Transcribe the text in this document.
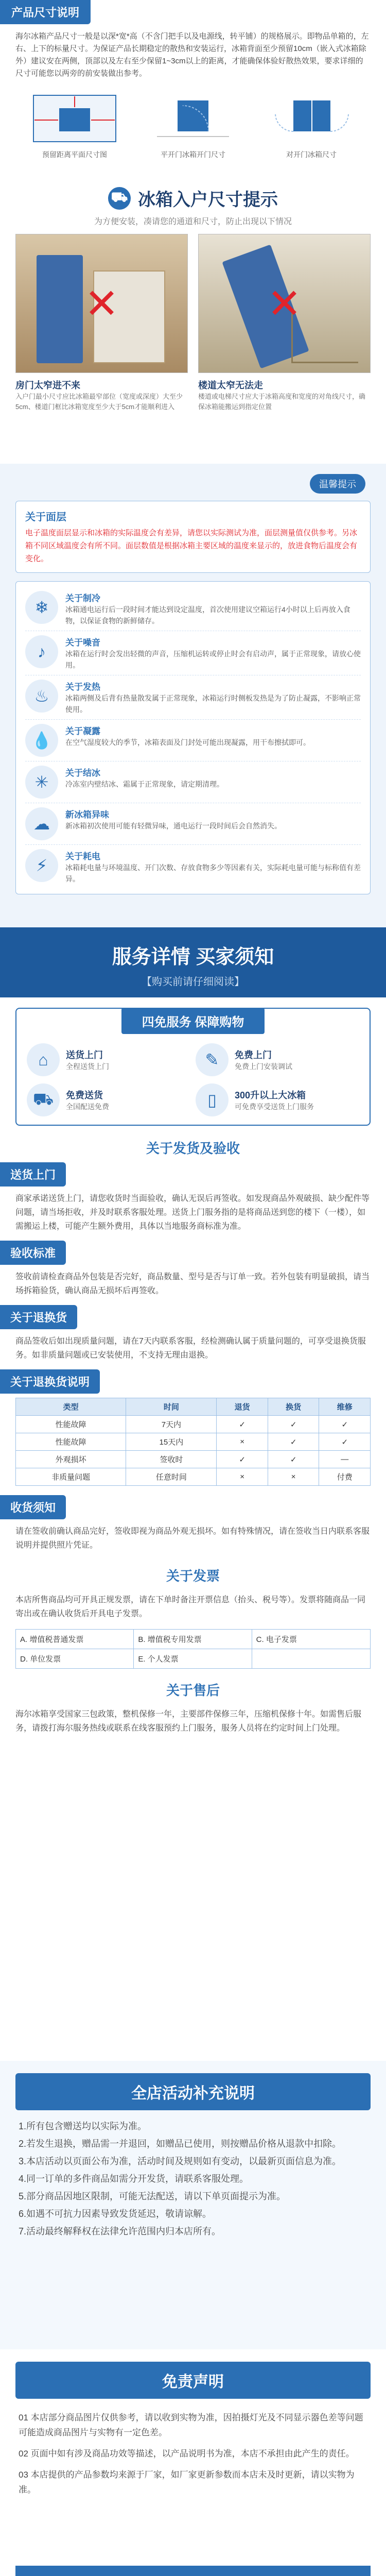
产品尺寸说明

海尔冰箱产品尺寸一般是以深*宽*高（不含门把手以及电源线，转平铺）的规格展示。即物品单箱的，左右、上下的标量尺寸。为保证产品长期稳定的散热和安装运行，冰箱背面至少预留10cm（嵌入式冰箱除外）建议安在两侧，顶部以及左右至少保留1~3cm以上的距离，才能确保体验好散热效果，要求详细的尺寸可能您以两旁的前安装做出参考。

预留距离平面尺寸图	平开门冰箱开门尺寸	对开门冰箱尺寸
⛟ 冰箱入户尺寸提示
为方便安装，凑请您的通道和尺寸，防止出现以下情况
✕
房门太窄进不来
入户门最小尺寸应比冰箱最窄部位（宽度或深度）大至少5cm、楼道门框比冰箱宽度至少大于5cm才能顺利进入
✕
楼道太窄无法走
楼道或电梯尺寸应大于冰箱高度和宽度的对角线尺寸，确保冰箱能搬运到指定位置
温馨提示
关于面层
电子温度面层显示和冰箱的实际温度会有差异，请您以实际测试为准，面层测量值仅供参考。另冰箱不同区域温度会有所不同。面层数值是根据冰箱主要区域的温度来显示的，放进食物后温度会有变化。
❄	关于制冷
冰箱通电运行后一段时间才能达到设定温度，首次使用建议空箱运行4小时以上后再放入食物，以保证食物的新鲜储存。
♪	关于噪音
冰箱在运行时会发出轻微的声音，压缩机运转或停止时会有启动声，属于正常现象，请放心使用。
♨	关于发热
冰箱两侧及后背有热量散发属于正常现象，冰箱运行时侧板发热是为了防止凝露，不影响正常使用。
💧	关于凝露
在空气湿度较大的季节，冰箱表面及门封处可能出现凝露，用干布擦拭即可。
✳	关于结冰
冷冻室内壁结冰、霜属于正常现象，请定期清理。
☁	新冰箱异味
新冰箱初次使用可能有轻微异味，通电运行一段时间后会自然消失。
⚡	关于耗电
冰箱耗电量与环境温度、开门次数、存放食物多少等因素有关，实际耗电量可能与标称值有差异。
服务详情 买家须知
【购买前请仔细阅读】
四免服务 保障购物
⌂	送货上门
全程送货上门	✎	免费上门
免费上门安装调试
⛟	免费送货
全国配送免费	▯	300升以上大冰箱
可免费享受送货上门服务
关于发货及验收
送货上门

商家承诺送货上门，请您收货时当面验收，确认无误后再签收。如发现商品外观破损、缺少配件等问题，请当场拒收，并及时联系客服处理。送货上门服务指的是将商品送到您的楼下（一楼），如需搬运上楼，可能产生额外费用，具体以当地服务商标准为准。

验收标准

签收前请检查商品外包装是否完好，商品数量、型号是否与订单一致。若外包装有明显破损，请当场拆箱验货，确认商品无损坏后再签收。

关于退换货

商品签收后如出现质量问题，请在7天内联系客服，经检测确认属于质量问题的，可享受退换货服务。如非质量问题或已安装使用，不支持无理由退换。

关于退换货说明
类型	时间	退货	换货	维修
性能故障	7天内	✓	✓	✓
性能故障	15天内	×	✓	✓
外观损坏	签收时	✓	✓	—
非质量问题	任意时间	×	×	付费
收货须知

请在签收前确认商品完好，签收即视为商品外观无损坏。如有特殊情况，请在签收当日内联系客服说明并提供照片凭证。

关于发票

本店所售商品均可开具正规发票，请在下单时备注开票信息（抬头、税号等）。发票将随商品一同寄出或在确认收货后开具电子发票。

A. 增值税普通发票	B. 增值税专用发票	C. 电子发票
D. 单位发票	E. 个人发票
关于售后

海尔冰箱享受国家三包政策，整机保修一年，主要部件保修三年，压缩机保修十年。如需售后服务，请拨打海尔服务热线或联系在线客服预约上门服务，服务人员将在约定时间上门处理。

全店活动补充说明
1.所有包含赠送均以实际为准。
2.若发生退换，赠品需一并退回，如赠品已使用，则按赠品价格从退款中扣除。
3.本店活动以页面公布为准，活动时间及规则如有变动，以最新页面信息为准。
4.同一订单的多件商品如需分开发货，请联系客服处理。
5.部分商品因地区限制，可能无法配送，请以下单页面提示为准。
6.如遇不可抗力因素导致发货延迟，敬请谅解。
7.活动最终解释权在法律允许范围内归本店所有。
免责声明

01 本店部分商品图片仅供参考，请以收到实物为准，因拍摄灯光及不同显示器色差等问题可能造成商品图片与实物有一定色差。

02 页面中如有涉及商品功效等描述，以产品说明书为准，本店不承担由此产生的责任。

03 本店提供的产品参数均来源于厂家，如厂家更新参数而本店未及时更新，请以实物为准。
